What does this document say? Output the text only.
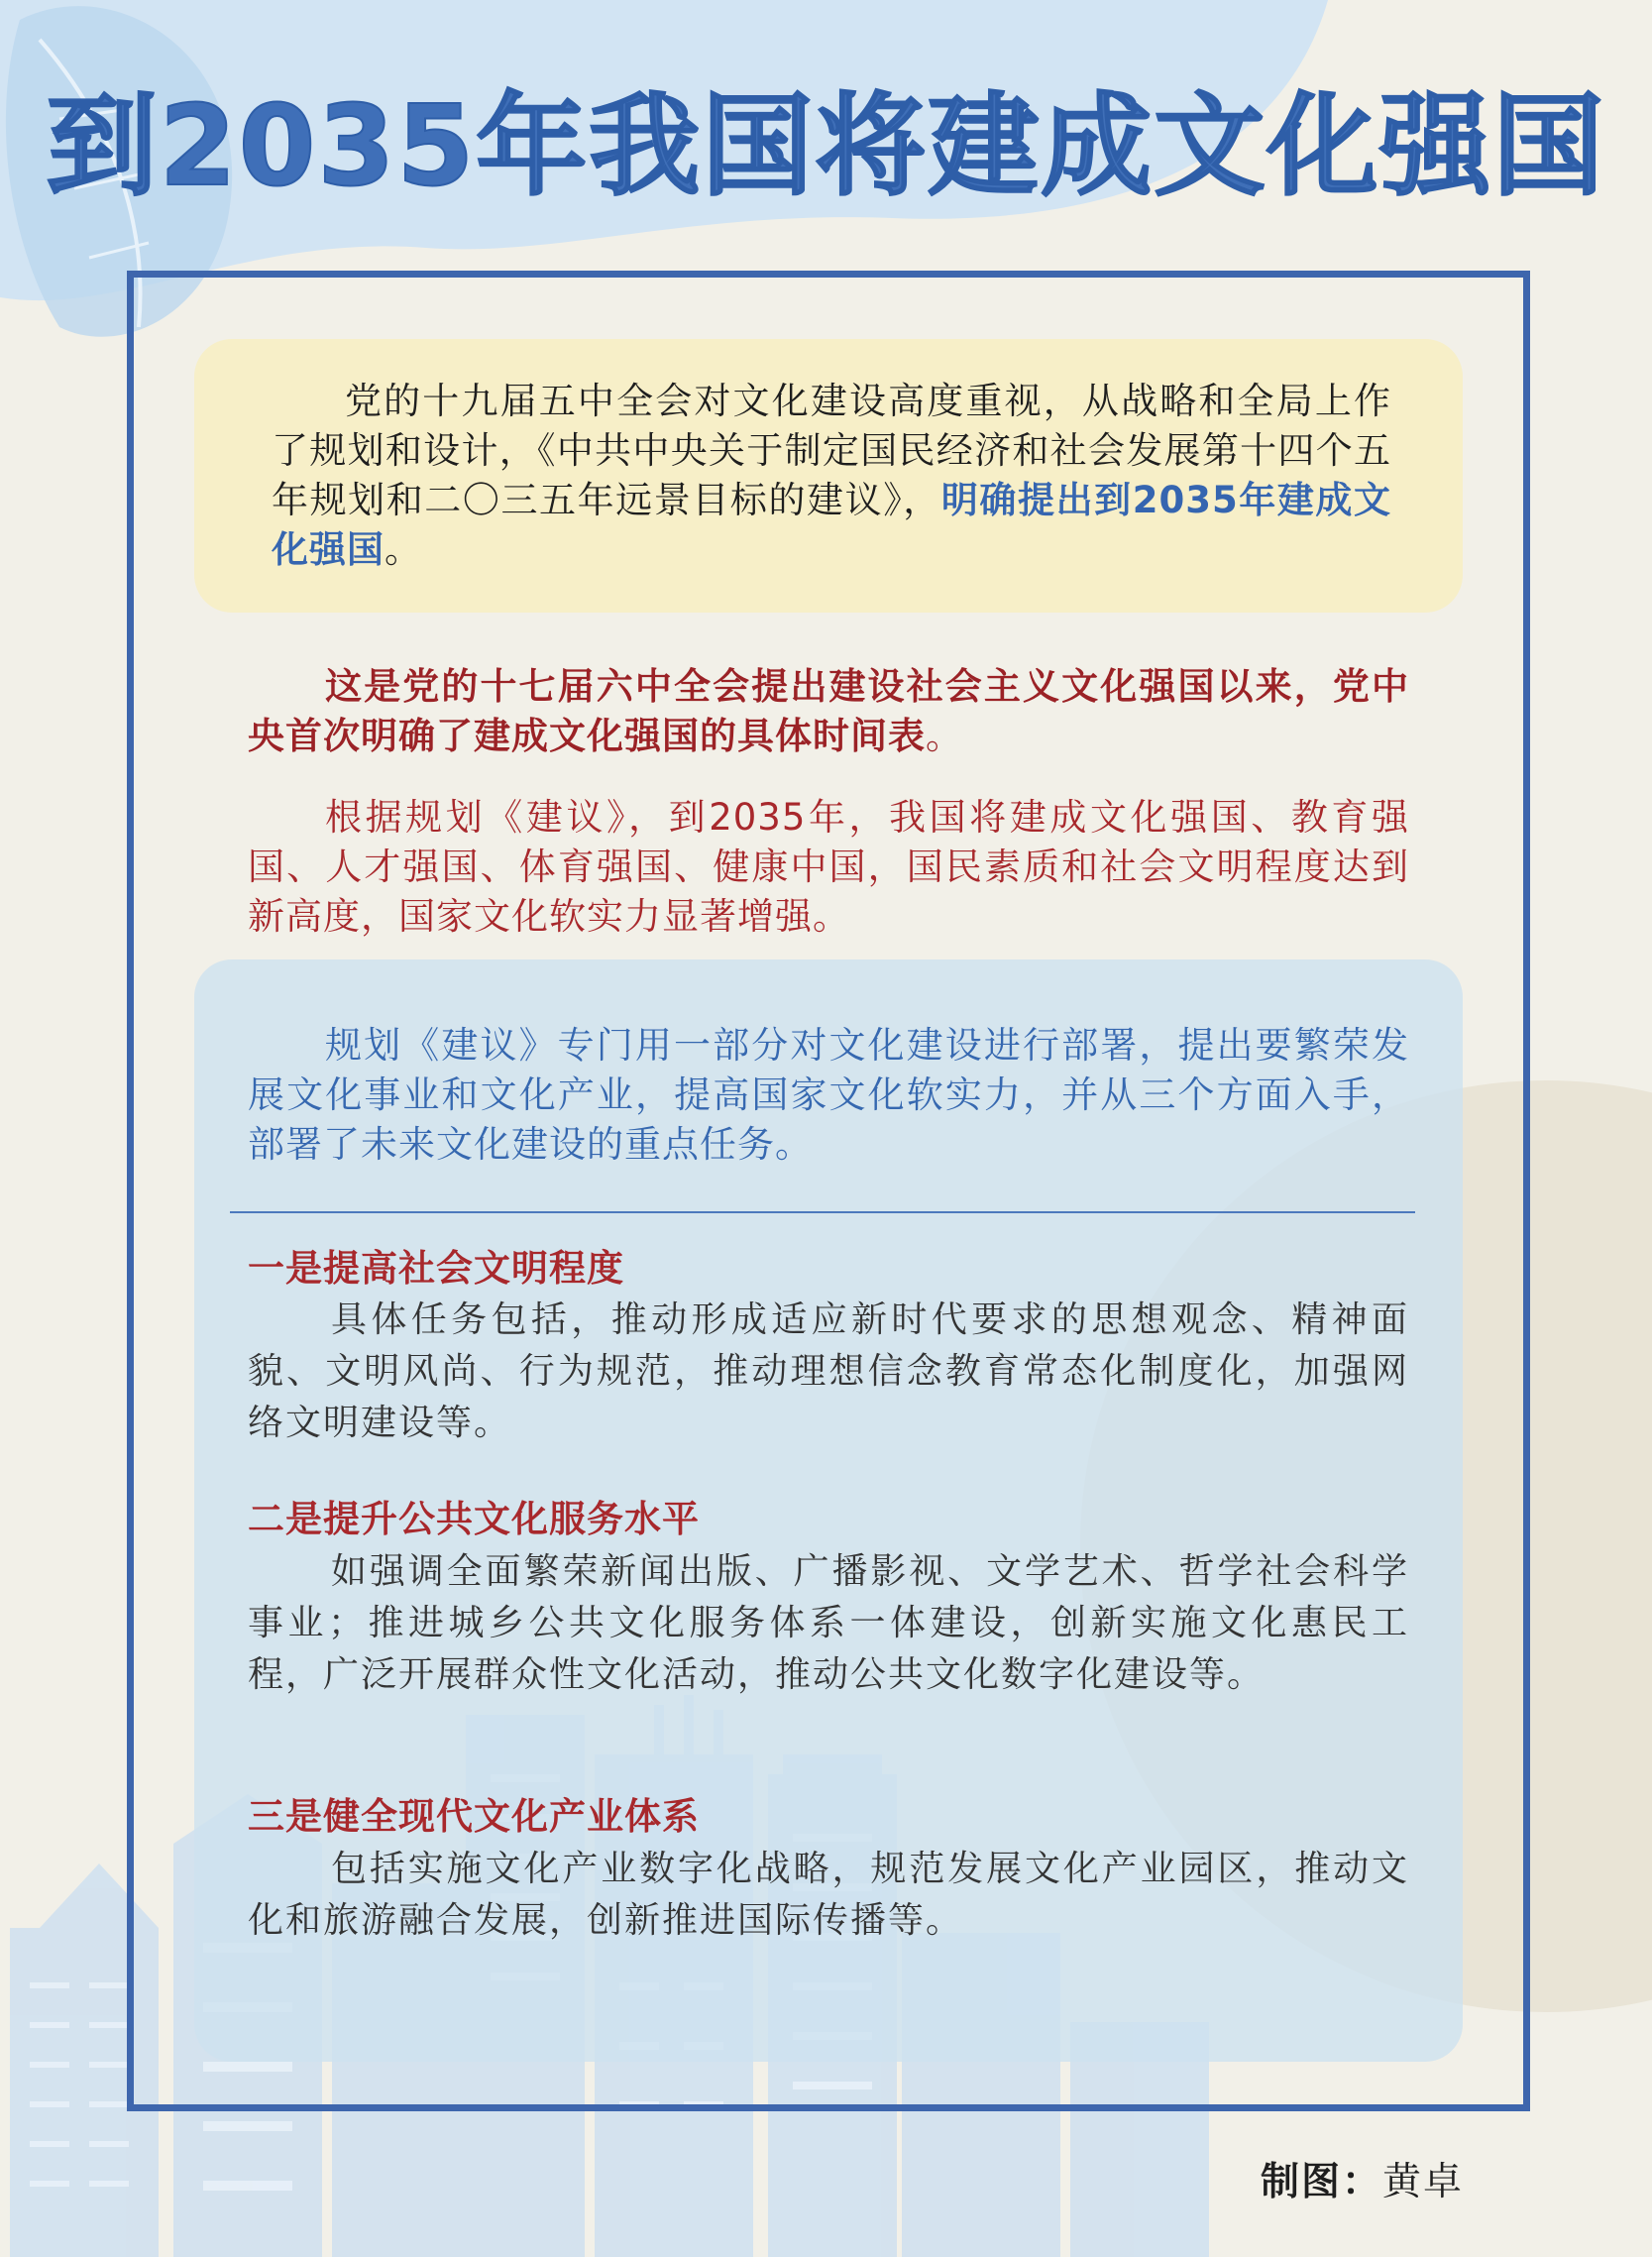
到2035年我国将建成文化强国

党的十九届五中全会对文化建设高度重视，从战略和全局上作了规划和设计，《中共中央关于制定国民经济和社会发展第十四个五年规划和二〇三五年远景目标的建议》，明确提出到2035年建成文化强国。

这是党的十七届六中全会提出建设社会主义文化强国以来，党中央首次明确了建成文化强国的具体时间表。

根据规划《建议》，到2035年，我国将建成文化强国、教育强国、人才强国、体育强国、健康中国，国民素质和社会文明程度达到新高度，国家文化软实力显著增强。

规划《建议》专门用一部分对文化建设进行部署，提出要繁荣发展文化事业和文化产业，提高国家文化软实力，并从三个方面入手，部署了未来文化建设的重点任务。

一是提高社会文明程度

具体任务包括，推动形成适应新时代要求的思想观念、精神面貌、文明风尚、行为规范，推动理想信念教育常态化制度化，加强网络文明建设等。

二是提升公共文化服务水平

如强调全面繁荣新闻出版、广播影视、文学艺术、哲学社会科学事业；推进城乡公共文化服务体系一体建设，创新实施文化惠民工程，广泛开展群众性文化活动，推动公共文化数字化建设等。

三是健全现代文化产业体系

包括实施文化产业数字化战略，规范发展文化产业园区，推动文化和旅游融合发展，创新推进国际传播等。

制图：黄卓
